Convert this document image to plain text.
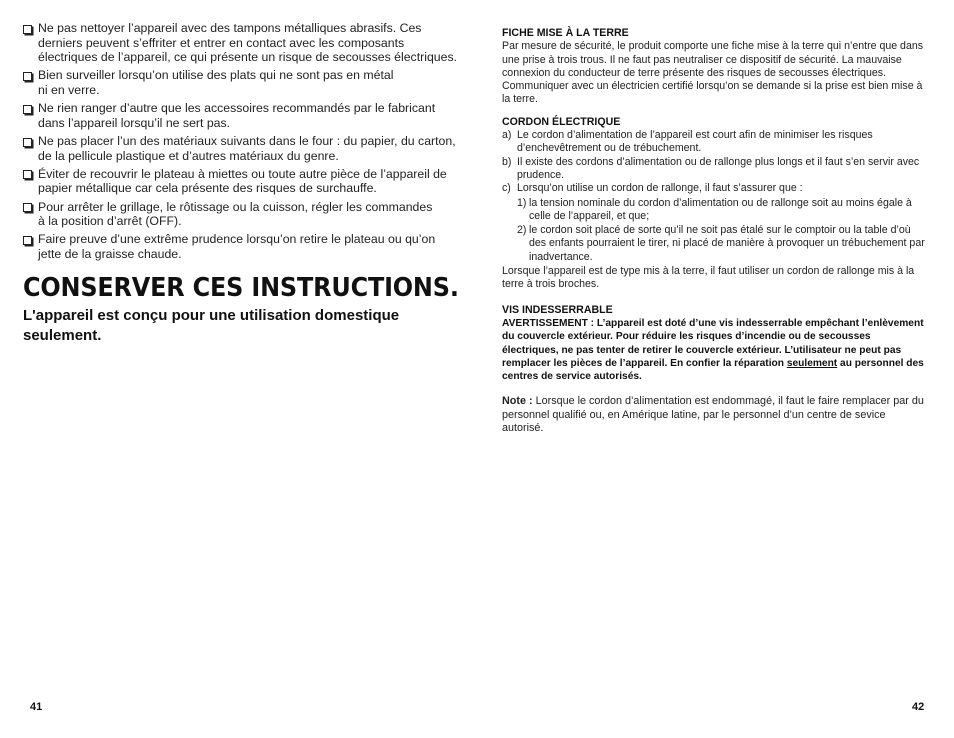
Ne pas nettoyer l’appareil avec des tampons métalliques abrasifs. Ces derniers peuvent s’effriter et entrer en contact avec les composants électriques de l’appareil, ce qui présente un risque de secousses électriques.
Bien surveiller lorsqu’on utilise des plats qui ne sont pas en métal
ni en verre.
Ne rien ranger d’autre que les accessoires recommandés par le fabricant dans l’appareil lorsqu’il ne sert pas.
Ne pas placer l’un des matériaux suivants dans le four : du papier, du carton, de la pellicule plastique et d’autres matériaux du genre.
Éviter de recouvrir le plateau à miettes ou toute autre pièce de l’appareil de papier métallique car cela présente des risques de surchauffe.
Pour arrêter le grillage, le rôtissage ou la cuisson, régler les commandes
à la position d’arrêt (OFF).
Faire preuve d’une extrême prudence lorsqu’on retire le plateau ou qu’on jette de la graisse chaude.
CONSERVER CES INSTRUCTIONS.
L'appareil est conçu pour une utilisation domestique
seulement.
41
FICHE MISE À LA TERRE
Par mesure de sécurité, le produit comporte une fiche mise à la terre qui n’entre que dans une prise à trois trous. Il ne faut pas neutraliser ce dispositif de sécurité. La mauvaise connexion du conducteur de terre présente des risques de secousses électriques. Communiquer avec un électricien certifié lorsqu’on se demande si la prise est bien mise à la terre.
CORDON ÉLECTRIQUE
a) Le cordon d’alimentation de l’appareil est court afin de minimiser les risques d’enchevêtrement ou de trébuchement.
b) Il existe des cordons d’alimentation ou de rallonge plus longs et il faut s’en servir avec prudence.
c) Lorsqu’on utilise un cordon de rallonge, il faut s’assurer que :
1) la tension nominale du cordon d’alimentation ou de rallonge soit au moins égale à celle de l’appareil, et que;
2) le cordon soit placé de sorte qu’il ne soit pas étalé sur le comptoir ou la table d’où des enfants pourraient le tirer, ni placé de manière à provoquer un trébuchement par inadvertance.
Lorsque l’appareil est de type mis à la terre, il faut utiliser un cordon de rallonge mis à la terre à trois broches.
VIS INDESSERRABLE
AVERTISSEMENT : L’appareil est doté d’une vis indesserrable empêchant l’enlèvement du couvercle extérieur. Pour réduire les risques d’incendie ou de secousses électriques, ne pas tenter de retirer le couvercle extérieur. L’utilisateur ne peut pas remplacer les pièces de l’appareil. En confier la réparation seulement au personnel des centres de service autorisés.
Note : Lorsque le cordon d’alimentation est endommagé, il faut le faire remplacer par du personnel qualifié ou, en Amérique latine, par le personnel d’un centre de sevice autorisé.
42
